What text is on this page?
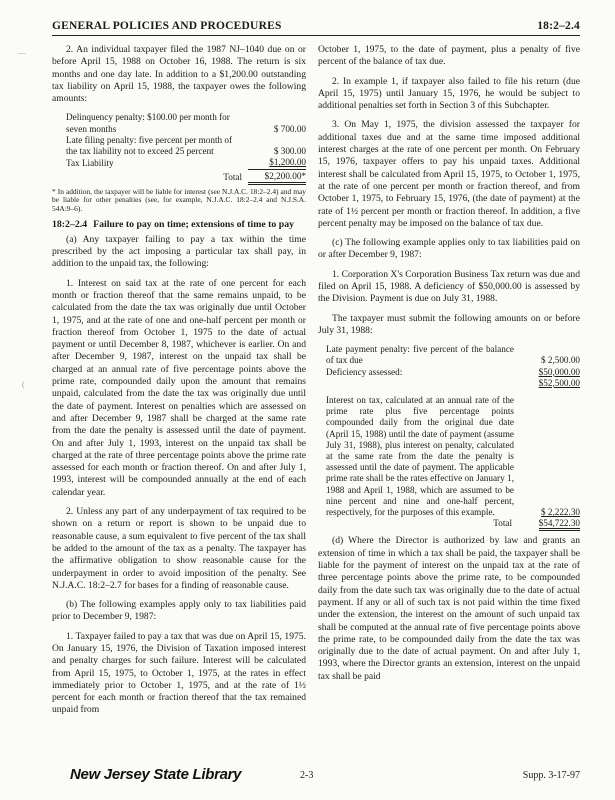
GENERAL POLICIES AND PROCEDURES	18:2–2.4

2. An individual taxpayer filed the 1987 NJ–1040 due on or before April 15, 1988 on October 16, 1988. The return is six months and one day late. In addition to a $1,200.00 outstanding tax liability on April 15, 1988, the taxpayer owes the following amounts:

Delinquency penalty: $100.00 per month for seven months	$ 700.00
Late filing penalty: five percent per month of the tax liability not to exceed 25 percent	$ 300.00
Tax Liability	$1,200.00
Total	$2,200.00*

* In addition, the taxpayer will be liable for interest (see N.J.A.C. 18:2–2.4) and may be liable for other penalties (see, for example, N.J.A.C. 18:2–2.4 and N.J.S.A. 54A:9–6).

18:2–2.4 Failure to pay on time; extensions of time to pay

(a) Any taxpayer failing to pay a tax within the time prescribed by the act imposing a particular tax shall pay, in addition to the unpaid tax, the following:

1. Interest on said tax at the rate of one percent for each month or fraction thereof that the same remains unpaid, to be calculated from the date the tax was originally due until October 1, 1975, and at the rate of one and one-half percent per month or fraction thereof from October 1, 1975 to the date of actual payment or until December 8, 1987, whichever is earlier. On and after December 9, 1987, interest on the unpaid tax shall be charged at an annual rate of five percentage points above the prime rate, compounded daily upon the amount that remains unpaid, calculated from the date the tax was originally due until the date of payment. Interest on penalties which are assessed on and after December 9, 1987 shall be charged at the same rate from the date the penalty is assessed until the date of payment. On and after July 1, 1993, interest on the unpaid tax shall be charged at the rate of three percentage points above the prime rate assessed for each month or fraction thereof. On and after July 1, 1993, interest will be compounded annually at the end of each calendar year.

2. Unless any part of any underpayment of tax required to be shown on a return or report is shown to be unpaid due to reasonable cause, a sum equivalent to five percent of the tax shall be added to the amount of the tax as a penalty. The taxpayer has the affirmative obligation to show reasonable cause for the underpayment in order to avoid imposition of the penalty. See N.J.A.C. 18:2–2.7 for bases for a finding of reasonable cause.

(b) The following examples apply only to tax liabilities paid prior to December 9, 1987:

1. Taxpayer failed to pay a tax that was due on April 15, 1975. On January 15, 1976, the Division of Taxation imposed interest and penalty charges for such failure. Interest will be calculated from April 15, 1975, to October 1, 1975, at the rates in effect immediately prior to October 1, 1975, and at the rate of 1½ percent for each month or fraction thereof that the tax remained unpaid from

October 1, 1975, to the date of payment, plus a penalty of five percent of the balance of tax due.

2. In example 1, if taxpayer also failed to file his return (due April 15, 1975) until January 15, 1976, he would be subject to additional penalties set forth in Section 3 of this Subchapter.

3. On May 1, 1975, the division assessed the taxpayer for additional taxes due and at the same time imposed additional interest charges at the rate of one percent per month. On February 15, 1976, taxpayer offers to pay his unpaid taxes. Additional interest shall be calculated from April 15, 1975, to October 1, 1975, at the rate of one percent per month or fraction thereof, and from October 1, 1975, to February 15, 1976, (the date of payment) at the rate of 1½ percent per month or fraction thereof. In addition, a five percent penalty may be imposed on the balance of tax due.

(c) The following example applies only to tax liabilities paid on or after December 9, 1987:

1. Corporation X's Corporation Business Tax return was due and filed on April 15, 1988. A deficiency of $50,000.00 is assessed by the Division. Payment is due on July 31, 1988.

The taxpayer must submit the following amounts on or before July 31, 1988:

Late payment penalty: five percent of the balance of tax due	$ 2,500.00
Deficiency assessed:	$50,000.00
	$52,500.00

Interest on tax, calculated at an annual rate of the prime rate plus five percentage points compounded daily from the original due date (April 15, 1988) until the date of payment (assume July 31, 1988), plus interest on penalty, calculated at the same rate from the date the penalty is assessed until the date of payment. The applicable prime rate shall be the rates effective on January 1, 1988 and April 1, 1988, which are assumed to be nine percent and nine and one-half percent, respectively, for the purposes of this example.	$ 2,222.30
Total	$54,722.30

(d) Where the Director is authorized by law and grants an extension of time in which a tax shall be paid, the taxpayer shall be liable for the payment of interest on the unpaid tax at the rate of three percentage points above the prime rate, to be compounded daily from the date such tax was originally due to the date of actual payment. If any or all of such tax is not paid within the time fixed under the extension, the interest on the amount of such unpaid tax shall be computed at the annual rate of five percentage points above the prime rate, to be compounded daily from the date the tax was originally due to the date of actual payment. On and after July 1, 1993, where the Director grants an extension, interest on the unpaid tax shall be paid

New Jersey State Library	2-3	Supp. 3-17-97
—
(
